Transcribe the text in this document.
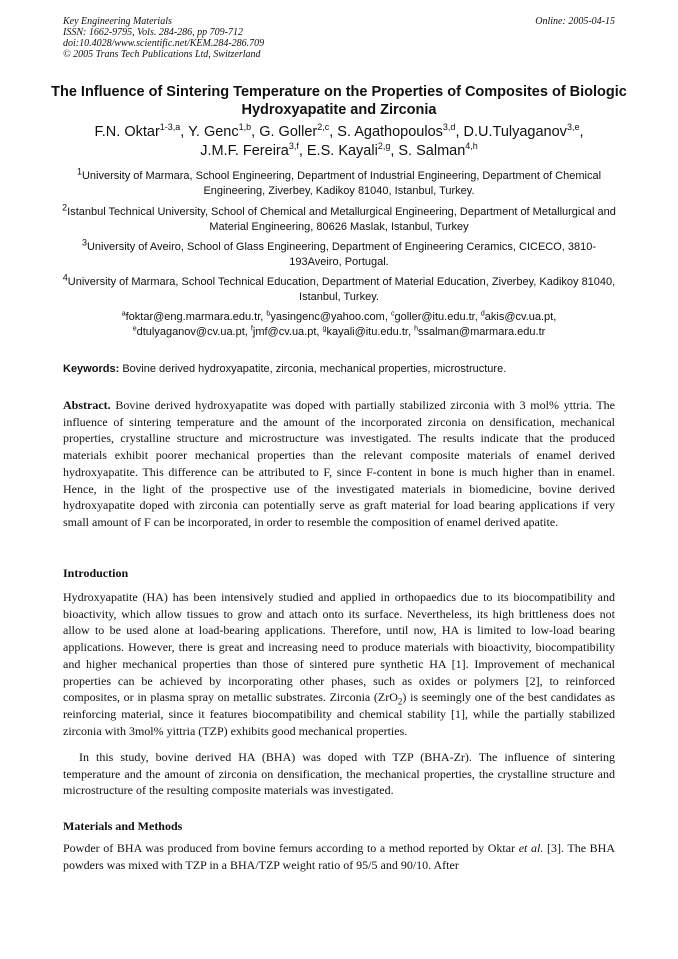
Key Engineering Materials
ISSN: 1662-9795, Vols. 284-286, pp 709-712
doi:10.4028/www.scientific.net/KEM.284-286.709
© 2005 Trans Tech Publications Ltd, Switzerland
Online: 2005-04-15
The Influence of Sintering Temperature on the Properties of Composites of Biologic Hydroxyapatite and Zirconia
F.N. Oktar$^{1-3,a}$, Y. Genc$^{1,b}$, G. Goller$^{2,c}$, S. Agathopoulos$^{3,d}$, D.U.Tulyaganov$^{3,e}$,
J.M.F. Fereira$^{3,f}$, E.S. Kayali$^{2,g}$, S. Salman$^{4,h}$
$^1$University of Marmara, School Engineering, Department of Industrial Engineering, Department of Chemical Engineering, Ziverbey, Kadikoy 81040, Istanbul, Turkey.
$^2$Istanbul Technical University, School of Chemical and Metallurgical Engineering, Department of Metallurgical and Material Engineering, 80626 Maslak, Istanbul, Turkey
$^3$University of Aveiro, School of Glass Engineering, Department of Engineering Ceramics, CICECO, 3810-193Aveiro, Portugal.
$^4$University of Marmara, School Technical Education, Department of Material Education, Ziverbey, Kadikoy 81040, Istanbul, Turkey.
$^a$foktar@eng.marmara.edu.tr, $^b$yasingenc@yahoo.com, $^c$goller@itu.edu.tr, $^d$akis@cv.ua.pt,
$^e$dtulyaganov@cv.ua.pt, $^f$jmf@cv.ua.pt, $^g$kayali@itu.edu.tr, $^h$ssalman@marmara.edu.tr
Keywords: Bovine derived hydroxyapatite, zirconia, mechanical properties, microstructure.

Abstract. Bovine derived hydroxyapatite was doped with partially stabilized zirconia with 3 mol% yttria. The influence of sintering temperature and the amount of the incorporated zirconia on densification, mechanical properties, crystalline structure and microstructure was investigated. The results indicate that the produced materials exhibit poorer mechanical properties than the relevant composite materials of enamel derived hydroxyapatite. This difference can be attributed to F, since F-content in bone is much higher than in enamel. Hence, in the light of the prospective use of the investigated materials in biomedicine, bovine derived hydroxyapatite doped with zirconia can potentially serve as graft material for load bearing applications if very small amount of F can be incorporated, in order to resemble the composition of enamel derived apatite.

Introduction

Hydroxyapatite (HA) has been intensively studied and applied in orthopaedics due to its biocompatibility and bioactivity, which allow tissues to grow and attach onto its surface. Nevertheless, its high brittleness does not allow to be used alone at load-bearing applications. Therefore, until now, HA is limited to low-load bearing applications. However, there is great and increasing need to produce materials with bioactivity, biocompatibility and higher mechanical properties than those of sintered pure synthetic HA [1]. Improvement of mechanical properties can be achieved by incorporating other phases, such as oxides or polymers [2], to reinforced composites, or in plasma spray on metallic substrates. Zirconia (ZrO$_2$) is seemingly one of the best candidates as reinforcing material, since it features biocompatibility and chemical stability [1], while the partially stabilized zirconia with 3mol% yittria (TZP) exhibits good mechanical properties.

In this study, bovine derived HA (BHA) was doped with TZP (BHA-Zr). The influence of sintering temperature and the amount of zirconia on densification, the mechanical properties, the crystalline structure and microstructure of the resulting composite materials was investigated.

Materials and Methods

Powder of BHA was produced from bovine femurs according to a method reported by Oktar et al. [3]. The BHA powders was mixed with TZP in a BHA/TZP weight ratio of 95/5 and 90/10. After
